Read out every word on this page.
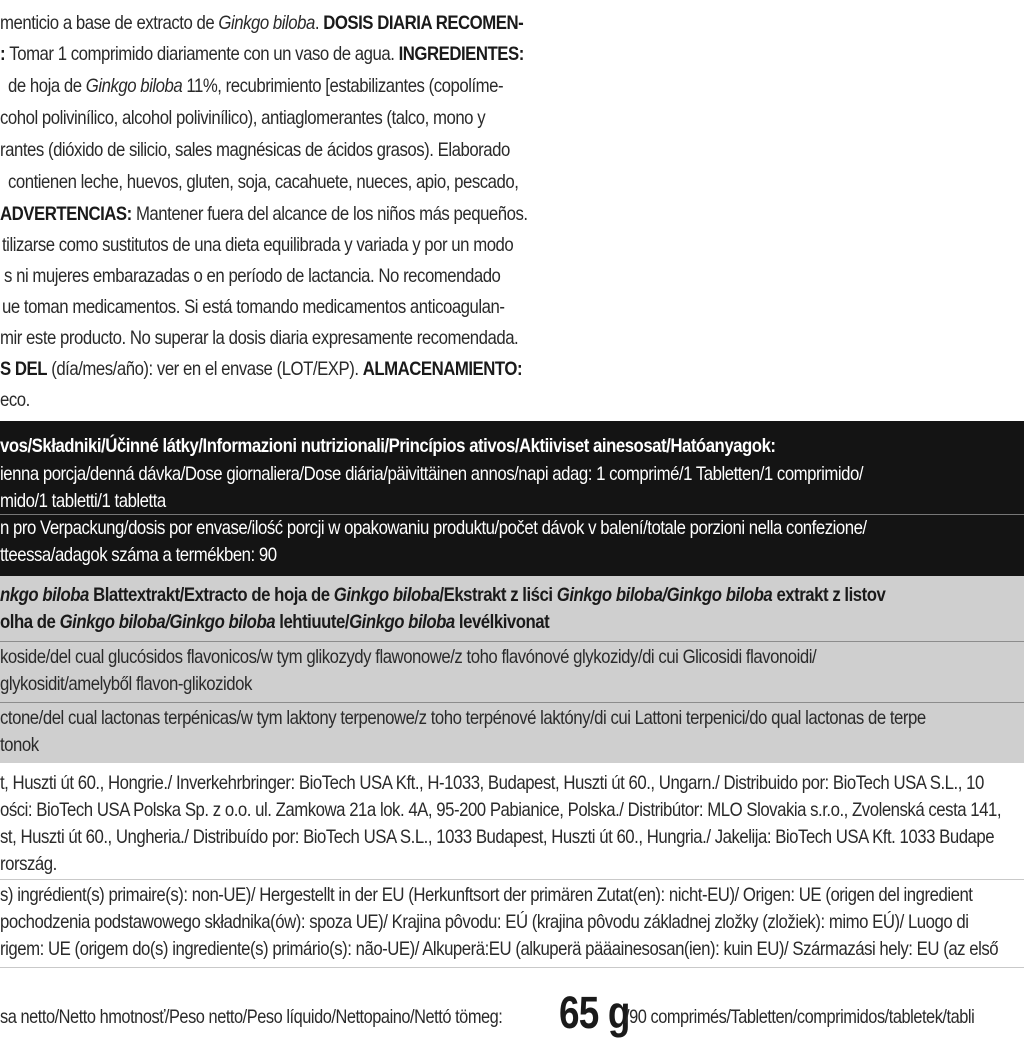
menticio a base de extracto de Ginkgo biloba. DOSIS DIARIA RECOMEN-
: Tomar 1 comprimido diariamente con un vaso de agua. INGREDIENTES:
de hoja de Ginkgo biloba 11%, recubrimiento [estabilizantes (copolíme-
cohol polivinílico, alcohol polivinílico), antiaglomerantes (talco, mono y
rantes (dióxido de silicio, sales magnésicas de ácidos grasos). Elaborado
contienen leche, huevos, gluten, soja, cacahuete, nueces, apio, pescado,
ADVERTENCIAS: Mantener fuera del alcance de los niños más pequeños.
tilizarse como sustitutos de una dieta equilibrada y variada y por un modo
s ni mujeres embarazadas o en período de lactancia. No recomendado
ue toman medicamentos. Si está tomando medicamentos anticoagulan-
mir este producto. No superar la dosis diaria expresamente recomendada.
S DEL (día/mes/año): ver en el envase (LOT/EXP). ALMACENAMIENTO:
eco.
vos/Składniki/Účinné látky/Informazioni nutrizionali/Princípios ativos/Aktiiviset ainesosat/Hatóanyagok:
ienna porcja/denná dávka/Dose giornaliera/Dose diária/päivittäinen annos/napi adag: 1 comprimé/1 Tabletten/1 comprimido/
mido/1 tabletti/1 tabletta
n pro Verpackung/dosis por envase/ilość porcji w opakowaniu produktu/počet dávok v balení/totale porzioni nella confezione/
tteessa/adagok száma a termékben: 90
nkgo biloba Blattextrakt/Extracto de hoja de Ginkgo biloba/Ekstrakt z liści Ginkgo biloba/Ginkgo biloba extrakt z listov
olha de Ginkgo biloba/Ginkgo biloba lehtiuute/Ginkgo biloba levélkivonat
koside/del cual glucósidos flavonicos/w tym glikozydy flawonowe/z toho flavónové glykozidy/di cui Glicosidi flavonoidi/
glykosidit/amelyből flavon-glikozidok
ctone/del cual lactonas terpénicas/w tym laktony terpenowe/z toho terpénové laktóny/di cui Lattoni terpenici/do qual lactonas de terpe
tonok
t, Huszti út 60., Hongrie./ Inverkehrbringer: BioTech USA Kft., H-1033, Budapest, Huszti út 60., Ungarn./ Distribuido por: BioTech USA S.L., 10
ości: BioTech USA Polska Sp. z o.o. ul. Zamkowa 21a lok. 4A, 95-200 Pabianice, Polska./ Distribútor: MLO Slovakia s.r.o., Zvolenská cesta 141,
st, Huszti út 60., Ungheria./ Distribuído por: BioTech USA S.L., 1033 Budapest, Huszti út 60., Hungria./ Jakelija: BioTech USA Kft. 1033 Budape
rország.
s) ingrédient(s) primaire(s): non-UE)/ Hergestellt in der EU (Herkunftsort der primären Zutat(en): nicht-EU)/ Origen: UE (origen del ingredient
pochodzenia podstawowego składnika(ów): spoza UE)/ Krajina pôvodu: EÚ (krajina pôvodu základnej zložky (zložiek): mimo EÚ)/ Luogo di
rigem: UE (origem do(s) ingrediente(s) primário(s): não-UE)/ Alkuperä:EU (alkuperä pääainesosan(ien): kuin EU)/ Származási hely: EU (az első
sa netto/Netto hmotnosť/Peso netto/Peso líquido/Nettopaino/Nettó tömeg: 65 g
/90 comprimés/Tabletten/comprimidos/tabletek/tabli
